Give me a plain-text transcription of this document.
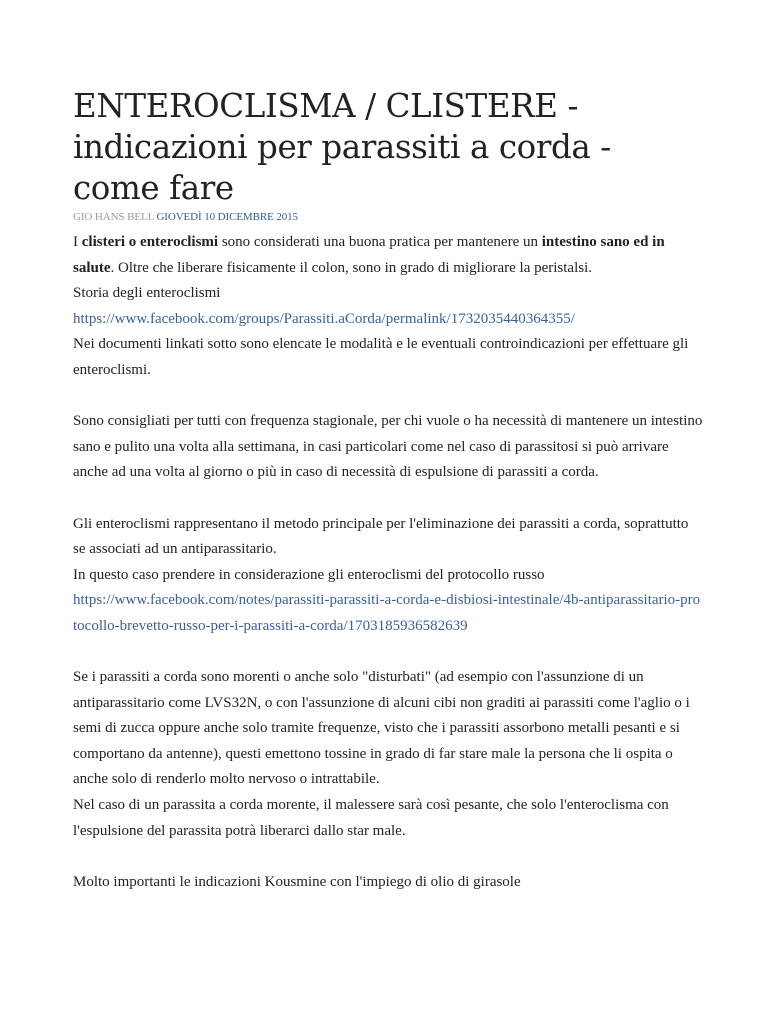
ENTEROCLISMA / CLISTERE - indicazioni per parassiti a corda - come fare
GIO HANS BELL GIOVEDÌ 10 DICEMBRE 2015

I clisteri o enteroclismi sono considerati una buona pratica per mantenere un intestino sano ed in salute. Oltre che liberare fisicamente il colon, sono in grado di migliorare la peristalsi.

Storia degli enteroclismi

https://www.facebook.com/groups/Parassiti.aCorda/permalink/1732035440364355/

Nei documenti linkati sotto sono elencate le modalità e le eventuali controindicazioni per effettuare gli enteroclismi.

Sono consigliati per tutti con frequenza stagionale, per chi vuole o ha necessità di mantenere un intestino sano e pulito una volta alla settimana, in casi particolari come nel caso di parassitosi si può arrivare anche ad una volta al giorno o più in caso di necessità di espulsione di parassiti a corda.

Gli enteroclismi rappresentano il metodo principale per l'eliminazione dei parassiti a corda, soprattutto se associati ad un antiparassitario.

In questo caso prendere in considerazione gli enteroclismi del protocollo russo

https://www.facebook.com/notes/parassiti-parassiti-a-corda-e-disbiosi-intestinale/4b-antiparassitario-protocollo-brevetto-russo-per-i-parassiti-a-corda/1703185936582639

Se i parassiti a corda sono morenti o anche solo "disturbati" (ad esempio con l'assunzione di un antiparassitario come LVS32N, o con l'assunzione di alcuni cibi non graditi ai parassiti come l'aglio o i semi di zucca oppure anche solo tramite frequenze, visto che i parassiti assorbono metalli pesanti e si comportano da antenne), questi emettono tossine in grado di far stare male la persona che li ospita o anche solo di renderlo molto nervoso o intrattabile.

Nel caso di un parassita a corda morente, il malessere sarà così pesante, che solo l'enteroclisma con l'espulsione del parassita potrà liberarci dallo star male.

Molto importanti le indicazioni Kousmine con l'impiego di olio di girasole
